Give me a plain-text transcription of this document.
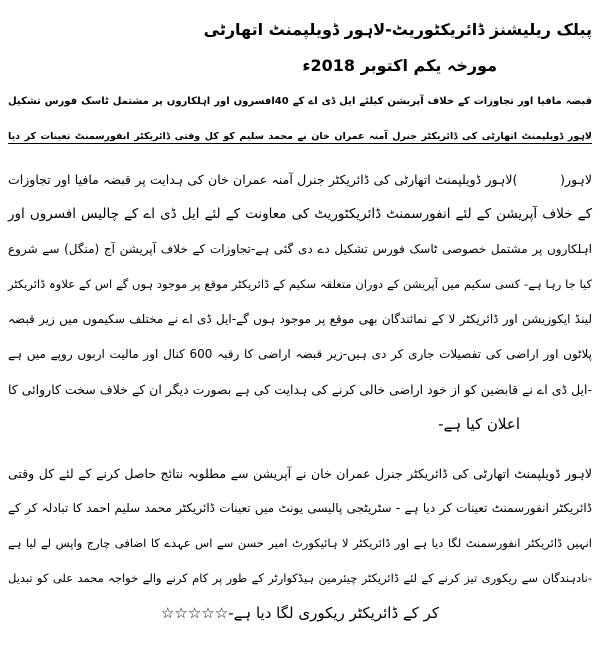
پبلک ریلیشنز ڈائریکٹوریٹ-لاہور ڈویلپمنٹ اتھارٹی
مورخہ یکم اکتوبر 2018ء
قبضہ مافیا اور تجاوزات کے خلاف آپریشن کیلئے ایل ڈی اے کے 40افسروں اور اہلکاروں پر مشتمل ٹاسک فورس تشکیل
لاہور ڈویلپمنٹ اتھارٹی کی ڈائریکٹر جنرل آمنہ عمران خان نے محمد سلیم کو کل وقتی ڈائریکٹر انفورسمنٹ تعینات کر دیا
لاہور(          )لاہور ڈویلپمنٹ اتھارٹی کی ڈائریکٹر جنرل آمنہ عمران خان کی ہدایت پر قبضہ مافیا اور تجاوزات
کے خلاف آپریشن کے لئے انفورسمنٹ ڈائریکٹوریٹ کی معاونت کے لئے ایل ڈی اے کے چالیس افسروں اور
اہلکاروں پر مشتمل خصوصی ٹاسک فورس تشکیل دے دی گئی ہے-تجاوزات کے خلاف آپریشن آج (منگل) سے شروع
کیا جا رہا ہے- کسی سکیم میں آپریشن کے دوران متعلقہ سکیم کے ڈائریکٹر موقع پر موجود ہوں گے اس کے علاوہ ڈائریکٹر
لینڈ ایکوزیشن اور ڈائریکٹر لا کے نمائندگان بھی موقع پر موجود ہوں گے-ایل ڈی اے نے مختلف سکیموں میں زیر قبضہ
پلاٹوں اور اراضی کی تفصیلات جاری کر دی ہیں-زیر قبضہ اراضی کا رقبہ 600 کنال اور مالیت اربوں روپے میں ہے
-ایل ڈی اے نے قابضین کو از خود اراضی خالی کرنے کی ہدایت کی ہے بصورت دیگر ان کے خلاف سخت کاروائی کا
اعلان کیا ہے-
لاہور ڈویلپمنٹ اتھارٹی کی ڈائریکٹر جنرل عمران خان نے آپریشن سے مطلوبہ نتائج حاصل کرنے کے لئے کل وقتی
ڈائریکٹر انفورسمنٹ تعینات کر دیا ہے - سٹریٹجی پالیسی یونٹ میں تعینات ڈائریکٹر محمد سلیم احمد کا تبادلہ کر کے
انہیں ڈائریکٹر انفورسمنٹ لگا دیا ہے اور ڈائریکٹر لا ہائیکورٹ امیر حسن سے اس عہدے کا اضافی چارج واپس لے لیا ہے
-نادہندگان سے ریکوری تیز کرنے کے لئے ڈائریکٹر چیئرمین ہیڈکوارٹر کے طور پر کام کرنے والے خواجہ محمد علی کو تبدیل
کر کے ڈائریکٹر ریکوری لگا دیا ہے-☆☆☆☆☆
